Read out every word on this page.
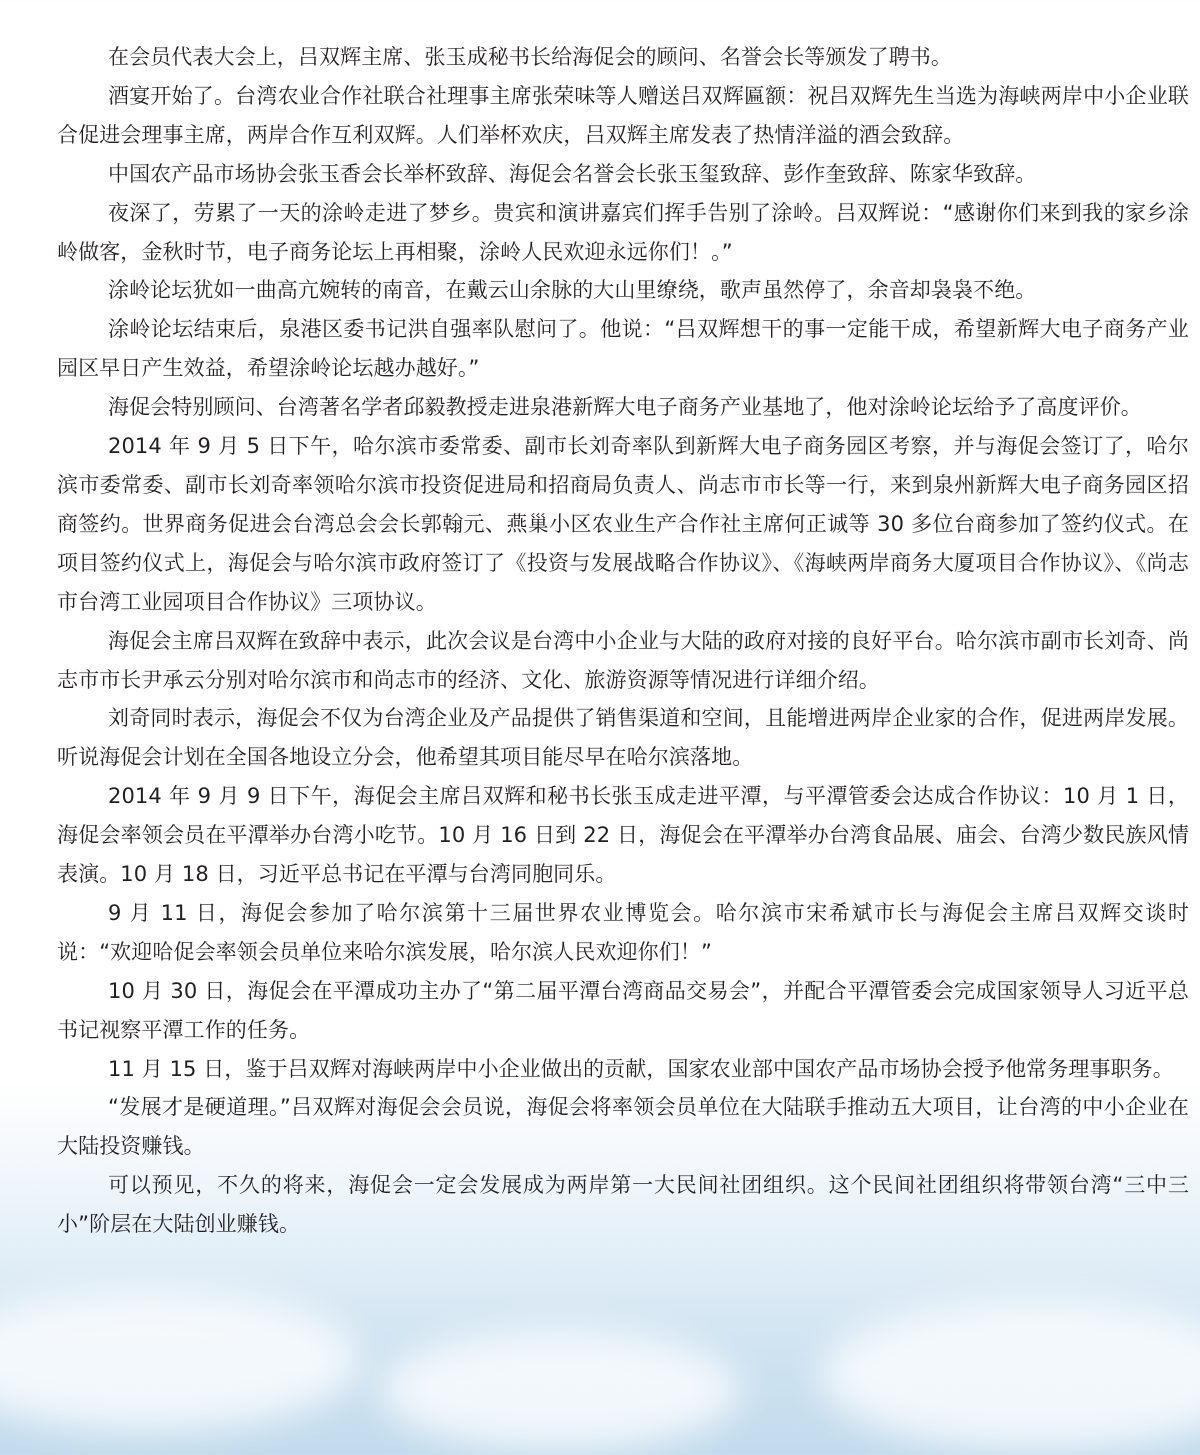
在会员代表大会上，吕双辉主席、张玉成秘书长给海促会的顾问、名誉会长等颁发了聘书。

酒宴开始了。台湾农业合作社联合社理事主席张荣味等人赠送吕双辉匾额：祝吕双辉先生当选为海峡两岸中小企业联合促进会理事主席，两岸合作互利双辉。人们举杯欢庆，吕双辉主席发表了热情洋溢的酒会致辞。

中国农产品市场协会张玉香会长举杯致辞、海促会名誉会长张玉玺致辞、彭作奎致辞、陈家华致辞。

夜深了，劳累了一天的涂岭走进了梦乡。贵宾和演讲嘉宾们挥手告别了涂岭。吕双辉说：“感谢你们来到我的家乡涂岭做客，金秋时节，电子商务论坛上再相聚，涂岭人民欢迎永远你们！。”

涂岭论坛犹如一曲高亢婉转的南音，在戴云山余脉的大山里缭绕，歌声虽然停了，余音却袅袅不绝。

涂岭论坛结束后，泉港区委书记洪自强率队慰问了。他说：“吕双辉想干的事一定能干成，希望新辉大电子商务产业园区早日产生效益，希望涂岭论坛越办越好。”

海促会特别顾问、台湾著名学者邱毅教授走进泉港新辉大电子商务产业基地了，他对涂岭论坛给予了高度评价。

2014 年 9 月 5 日下午，哈尔滨市委常委、副市长刘奇率队到新辉大电子商务园区考察，并与海促会签订了，哈尔滨市委常委、副市长刘奇率领哈尔滨市投资促进局和招商局负责人、尚志市市长等一行，来到泉州新辉大电子商务园区招商签约。世界商务促进会台湾总会会长郭翰元、燕巢小区农业生产合作社主席何正诚等 30 多位台商参加了签约仪式。在项目签约仪式上，海促会与哈尔滨市政府签订了《投资与发展战略合作协议》、《海峡两岸商务大厦项目合作协议》、《尚志市台湾工业园项目合作协议》三项协议。

海促会主席吕双辉在致辞中表示，此次会议是台湾中小企业与大陆的政府对接的良好平台。哈尔滨市副市长刘奇、尚志市市长尹承云分别对哈尔滨市和尚志市的经济、文化、旅游资源等情况进行详细介绍。

刘奇同时表示，海促会不仅为台湾企业及产品提供了销售渠道和空间，且能增进两岸企业家的合作，促进两岸发展。听说海促会计划在全国各地设立分会，他希望其项目能尽早在哈尔滨落地。

2014 年 9 月 9 日下午，海促会主席吕双辉和秘书长张玉成走进平潭，与平潭管委会达成合作协议：10 月 1 日，海促会率领会员在平潭举办台湾小吃节。10 月 16 日到 22 日，海促会在平潭举办台湾食品展、庙会、台湾少数民族风情表演。10 月 18 日，习近平总书记在平潭与台湾同胞同乐。

9 月 11 日，海促会参加了哈尔滨第十三届世界农业博览会。哈尔滨市宋希斌市长与海促会主席吕双辉交谈时说：“欢迎哈促会率领会员单位来哈尔滨发展，哈尔滨人民欢迎你们！”

10 月 30 日，海促会在平潭成功主办了“第二届平潭台湾商品交易会”，并配合平潭管委会完成国家领导人习近平总书记视察平潭工作的任务。

11 月 15 日，鉴于吕双辉对海峡两岸中小企业做出的贡献，国家农业部中国农产品市场协会授予他常务理事职务。

“发展才是硬道理。”吕双辉对海促会会员说，海促会将率领会员单位在大陆联手推动五大项目，让台湾的中小企业在大陆投资赚钱。

可以预见，不久的将来，海促会一定会发展成为两岸第一大民间社团组织。这个民间社团组织将带领台湾“三中三小”阶层在大陆创业赚钱。
